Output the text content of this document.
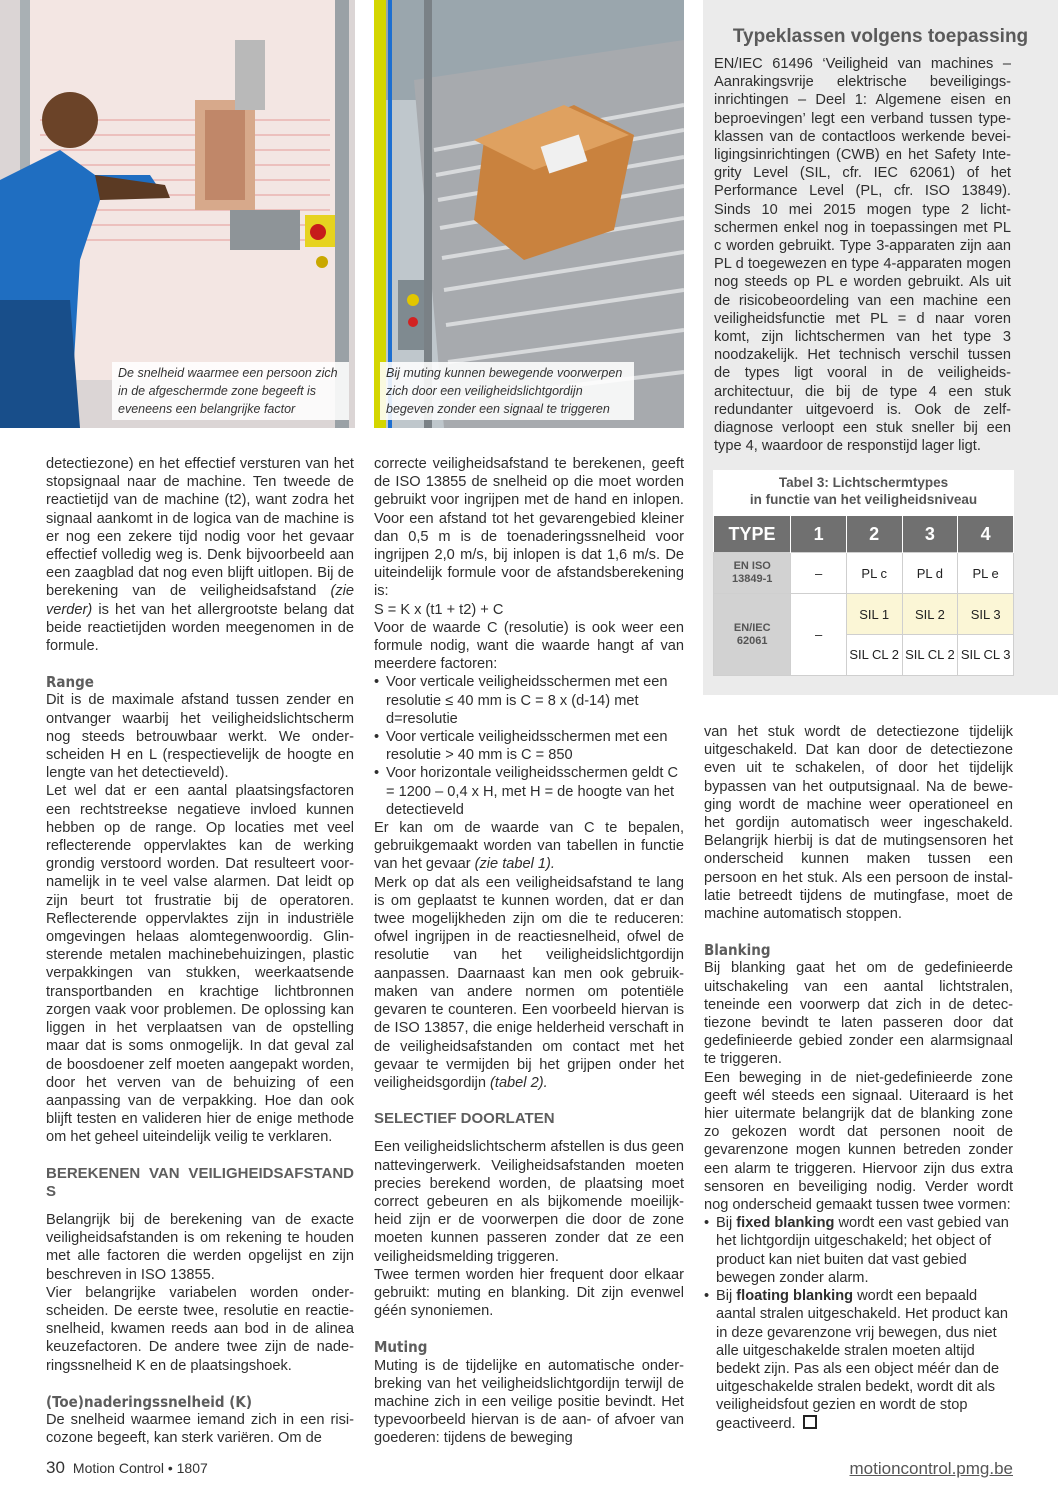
De snelheid waarmee een persoon zich in de afgeschermde zone begeeft is eveneens een belangrijke factor
Bij muting kunnen bewegende voorwerpen zich door een veiligheidslichtgordijn begeven zonder een signaal te triggeren
Typeklassen volgens toepassing

EN/IEC 61496 ‘Veiligheid van machines – Aanrakingsvrije elektrische beveiligingsinrichtingen – Deel 1: Algemene eisen en beproevingen’ legt een verband tussen typeklassen van de contactloos werkende beveiligingsinrichtingen (CWB) en het Safety Integrity Level (SIL, cfr. IEC 62061) of het Performance Level (PL, cfr. ISO 13849). Sinds 10 mei 2015 mogen type 2 lichtschermen enkel nog in toepassingen met PL c worden gebruikt. Type 3-apparaten zijn aan PL d toegewezen en type 4-apparaten mogen nog steeds op PL e worden gebruikt. Als uit de risicobeoordeling van een machine een veiligheidsfunctie met PL = d naar voren komt, zijn lichtschermen van het type 3 noodzakelijk. Het technisch verschil tussen de types ligt vooral in de veiligheidsarchitectuur, die bij de type 4 een stuk redundanter uitgevoerd is. Ook de zelfdiagnose verloopt een stuk sneller bij een type 4, waardoor de responstijd lager ligt.

Tabel 3: Lichtschermtypes
in functie van het veiligheidsniveau
TYPE	1	2	3	4
EN ISO
13849-1	–	PL c	PL d	PL e
EN/IEC
62061	–	SIL 1	SIL 2	SIL 3
		SIL CL 2	SIL CL 2	SIL CL 3

detectiezone) en het effectief versturen van het stopsignaal naar de machine. Ten tweede de reactietijd van de machine (t2), want zodra het signaal aankomt in de logica van de machine is er nog een zekere tijd nodig voor het gevaar effectief volledig weg is. Denk bijvoorbeeld aan een zaagblad dat nog even blijft uitlopen. Bij de berekening van de veiligheidsafstand (zie verder) is het van het allergrootste belang dat beide reactietijden worden meegenomen in de formule.

Range

Dit is de maximale afstand tussen zender en ontvanger waarbij het veiligheidslichtscherm nog steeds betrouwbaar werkt. We onderscheiden H en L (respectievelijk de hoogte en lengte van het detectieveld).

Let wel dat er een aantal plaatsingsfactoren een rechtstreekse negatieve invloed kunnen hebben op de range. Op locaties met veel reflecterende oppervlaktes kan de werking grondig verstoord worden. Dat resulteert voornamelijk in te veel valse alarmen. Dat leidt op zijn beurt tot frustratie bij de operatoren. Reflecterende oppervlaktes zijn in industriële omgevingen helaas alomtegenwoordig. Glinsterende metalen machinebehuizingen, plastic verpakkingen van stukken, weerkaatsende transportbanden en krachtige lichtbronnen zorgen vaak voor problemen. De oplossing kan liggen in het verplaatsen van de opstelling maar dat is soms onmogelijk. In dat geval zal de boosdoener zelf moeten aangepakt worden, door het verven van de behuizing of een aanpassing van de verpakking. Hoe dan ook blijft testen en valideren hier de enige methode om het geheel uiteindelijk veilig te verklaren.

BEREKENEN VAN VEILIGHEIDSAFSTAND S

Belangrijk bij de berekening van de exacte veiligheidsafstanden is om rekening te houden met alle factoren die werden opgelijst en zijn beschreven in ISO 13855.

Vier belangrijke variabelen worden onderscheiden. De eerste twee, resolutie en reactiesnelheid, kwamen reeds aan bod in de alinea keuzefactoren. De andere twee zijn de naderingssnelheid K en de plaatsingshoek.

(Toe)naderingssnelheid (K)

De snelheid waarmee iemand zich in een risicozone begeeft, kan sterk variëren. Om de

correcte veiligheidsafstand te berekenen, geeft de ISO 13855 de snelheid op die moet worden gebruikt voor ingrijpen met de hand en inlopen. Voor een afstand tot het gevarengebied kleiner dan 0,5 m is de toenaderingssnelheid voor ingrijpen 2,0 m/s, bij inlopen is dat 1,6 m/s. De uiteindelijk formule voor de afstandsberekening is:

S = K x (t1 + t2) + C

Voor de waarde C (resolutie) is ook weer een formule nodig, want die waarde hangt af van meerdere factoren:

• Voor verticale veiligheidsschermen met een resolutie ≤ 40 mm is C = 8 x (d-14) met d=resolutie
• Voor verticale veiligheidsschermen met een resolutie > 40 mm is C = 850
• Voor horizontale veiligheidsschermen geldt C = 1200 – 0,4 x H, met H = de hoogte van het detectieveld

Er kan om de waarde van C te bepalen, gebruikgemaakt worden van tabellen in functie van het gevaar (zie tabel 1).

Merk op dat als een veiligheidsafstand te lang is om geplaatst te kunnen worden, dat er dan twee mogelijkheden zijn om die te reduceren: ofwel ingrijpen in de reactiesnelheid, ofwel de resolutie van het veiligheidslichtgordijn aanpassen. Daarnaast kan men ook gebruikmaken van andere normen om potentiële gevaren te counteren. Een voorbeeld hiervan is de ISO 13857, die enige helderheid verschaft in de veiligheidsafstanden om contact met het gevaar te vermijden bij het grijpen onder het veiligheidsgordijn (tabel 2).

SELECTIEF DOORLATEN

Een veiligheidslichtscherm afstellen is dus geen nattevingerwerk. Veiligheidsafstanden moeten precies berekend worden, de plaatsing moet correct gebeuren en als bijkomende moeilijkheid zijn er de voorwerpen die door de zone moeten kunnen passeren zonder dat ze een veiligheidsmelding triggeren.

Twee termen worden hier frequent door elkaar gebruikt: muting en blanking. Dit zijn evenwel géén synoniemen.

Muting

Muting is de tijdelijke en automatische onderbreking van het veiligheidslichtgordijn terwijl de machine zich in een veilige positie bevindt. Het typevoorbeeld hiervan is de aan- of afvoer van goederen: tijdens de beweging

van het stuk wordt de detectiezone tijdelijk uitgeschakeld. Dat kan door de detectiezone even uit te schakelen, of door het tijdelijk bypassen van het outputsignaal. Na de beweging wordt de machine weer operationeel en het gordijn automatisch weer ingeschakeld. Belangrijk hierbij is dat de mutingsensoren het onderscheid kunnen maken tussen een persoon en het stuk. Als een persoon de installatie betreedt tijdens de mutingfase, moet de machine automatisch stoppen.

Blanking

Bij blanking gaat het om de gedefinieerde uitschakeling van een aantal lichtstralen, teneinde een voorwerp dat zich in de detectiezone bevindt te laten passeren door dat gedefinieerde gebied zonder een alarmsignaal te triggeren.

Een beweging in de niet-gedefinieerde zone geeft wél steeds een signaal. Uiteraard is het hier uitermate belangrijk dat de blanking zone zo gekozen wordt dat personen nooit de gevarenzone mogen kunnen betreden zonder een alarm te triggeren. Hiervoor zijn dus extra sensoren en beveiliging nodig. Verder wordt nog onderscheid gemaakt tussen twee vormen:

• Bij fixed blanking wordt een vast gebied van het lichtgordijn uitgeschakeld; het object of product kan niet buiten dat vast gebied bewegen zonder alarm.
• Bij floating blanking wordt een bepaald aantal stralen uitgeschakeld. Het product kan in deze gevarenzone vrij bewegen, dus niet alle uitgeschakelde stralen moeten altijd bedekt zijn. Pas als een object méér dan de uitgeschakelde stralen bedekt, wordt dit als veiligheidsfout gezien en wordt de stop geactiveerd.
30 Motion Control • 1807	motioncontrol.pmg.be
